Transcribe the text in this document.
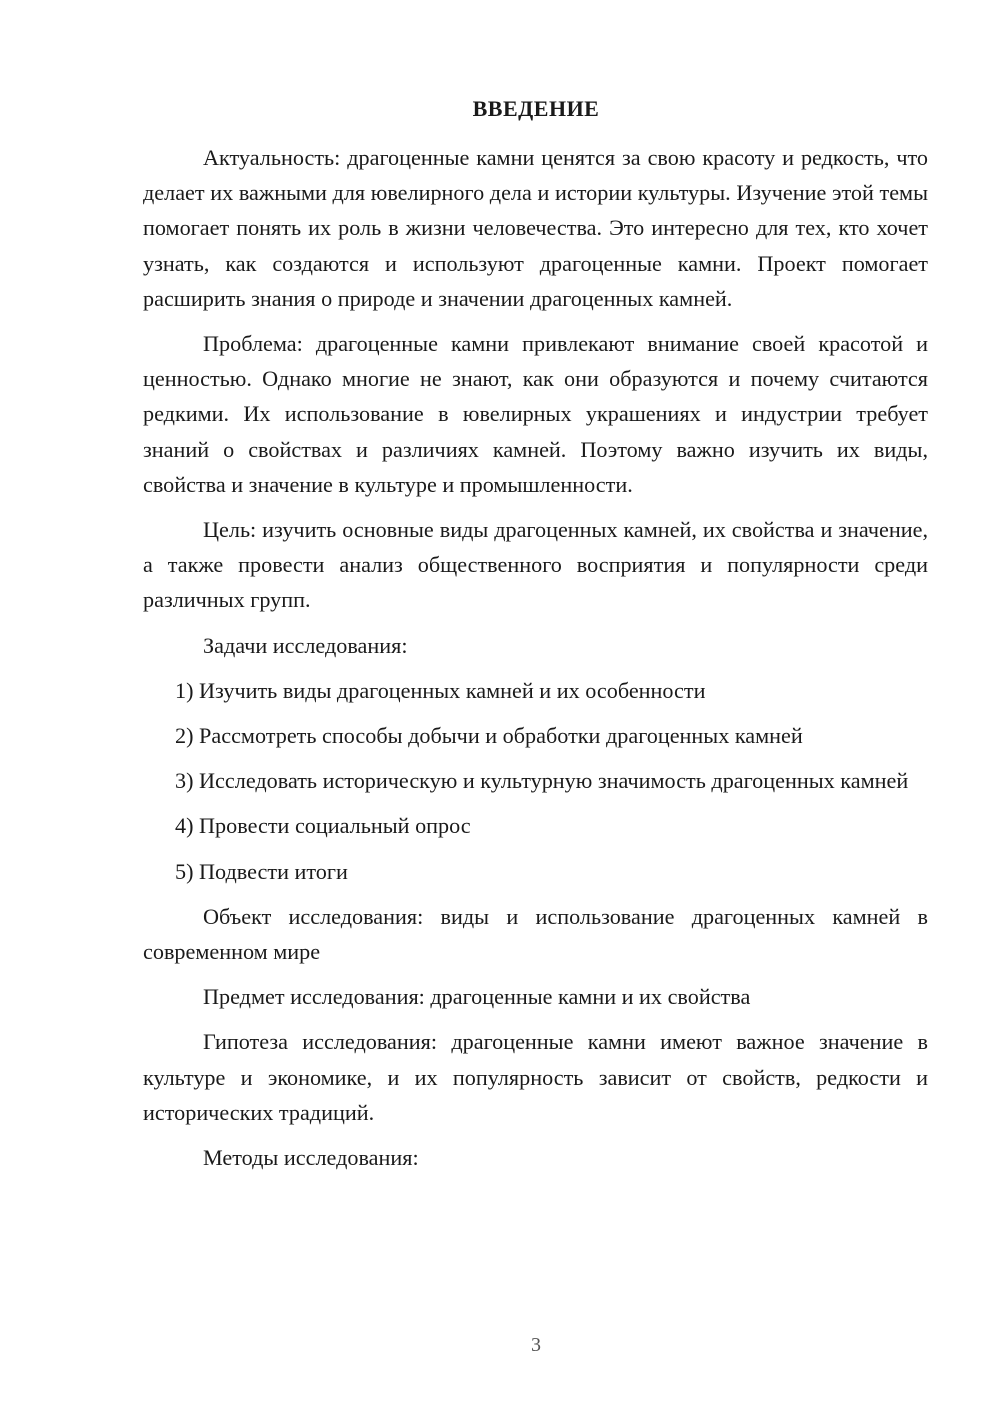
ВВЕДЕНИЕ

Актуальность: драгоценные камни ценятся за свою красоту и редкость, что делает их важными для ювелирного дела и истории культуры. Изучение этой темы помогает понять их роль в жизни человечества. Это интересно для тех, кто хочет узнать, как создаются и используют драгоценные камни. Проект помогает расширить знания о природе и значении драгоценных камней.

Проблема: драгоценные камни привлекают внимание своей красотой и ценностью. Однако многие не знают, как они образуются и почему считаются редкими. Их использование в ювелирных украшениях и индустрии требует знаний о свойствах и различиях камней. Поэтому важно изучить их виды, свойства и значение в культуре и промышленности.

Цель: изучить основные виды драгоценных камней, их свойства и значение, а также провести анализ общественного восприятия и популярности среди различных групп.

Задачи исследования:

1) Изучить виды драгоценных камней и их особенности

2) Рассмотреть способы добычи и обработки драгоценных камней

3) Исследовать историческую и культурную значимость драгоценных камней

4) Провести социальный опрос

5) Подвести итоги

Объект исследования: виды и использование драгоценных камней в современном мире

Предмет исследования: драгоценные камни и их свойства

Гипотеза исследования: драгоценные камни имеют важное значение в культуре и экономике, и их популярность зависит от свойств, редкости и исторических традиций.

Методы исследования:

3
